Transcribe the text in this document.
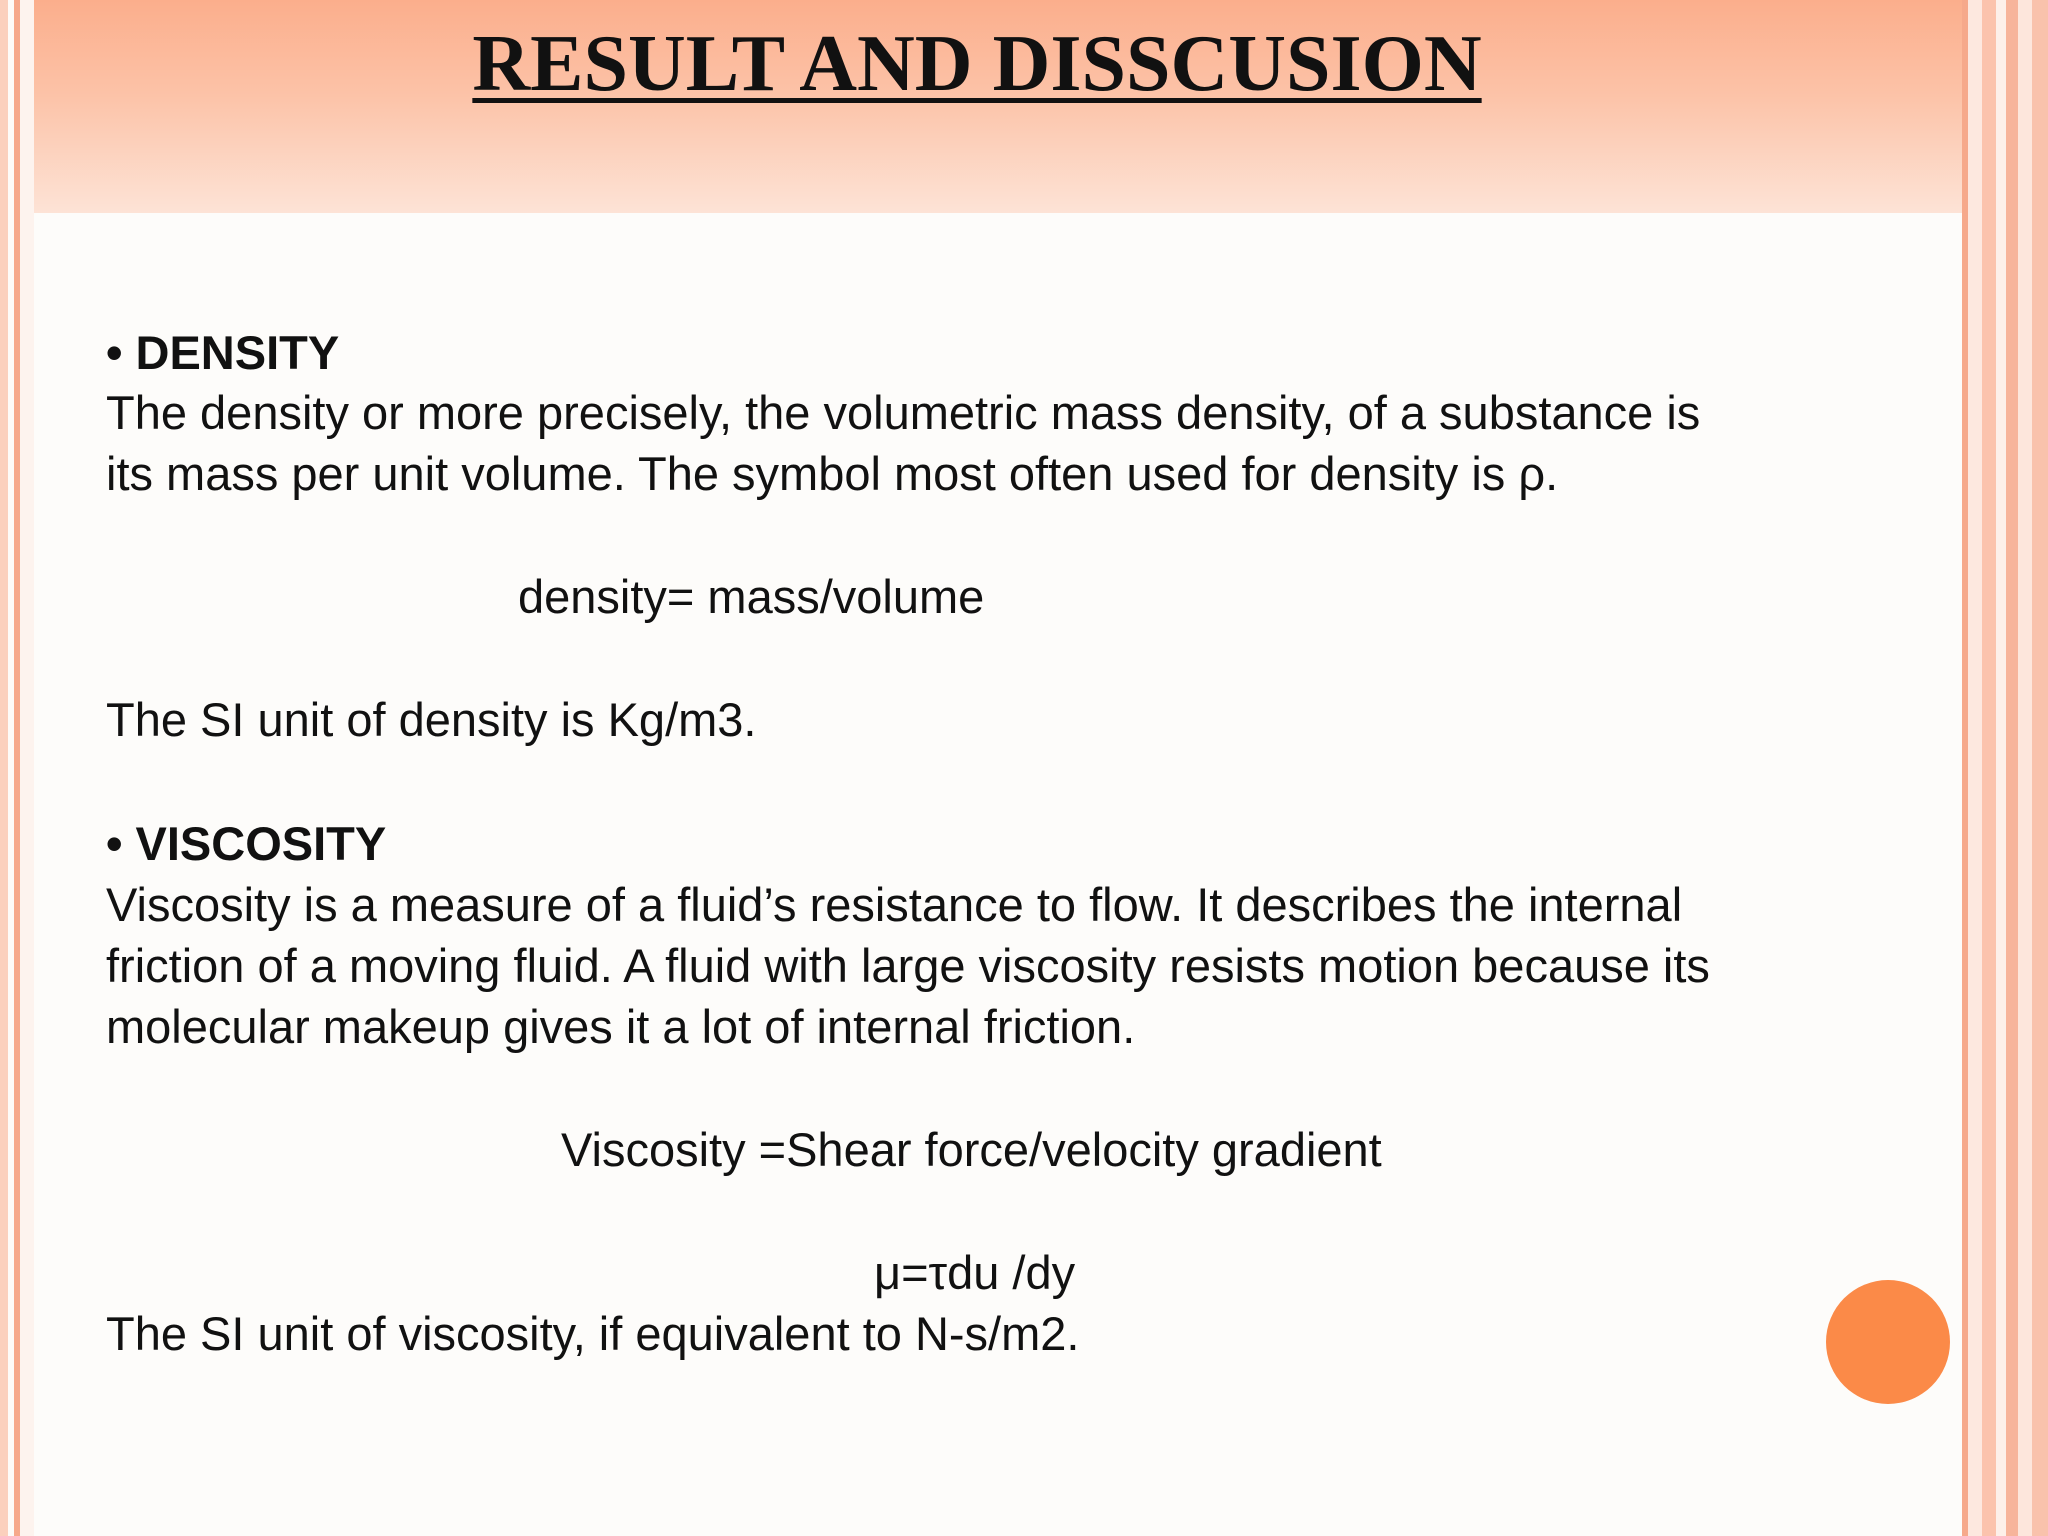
RESULT AND DISSCUSION

• DENSITY

The density or more precisely, the volumetric mass density, of a substance is

its mass per unit volume. The symbol most often used for density is ρ.

density= mass/volume

The SI unit of density is Kg/m3.

• VISCOSITY

Viscosity is a measure of a fluid’s resistance to flow. It describes the internal

friction of a moving fluid. A fluid with large viscosity resists motion because its

molecular makeup gives it a lot of internal friction.

Viscosity =Shear force/velocity gradient

μ=τdu /dy

The SI unit of viscosity, if equivalent to N-s/m2.
